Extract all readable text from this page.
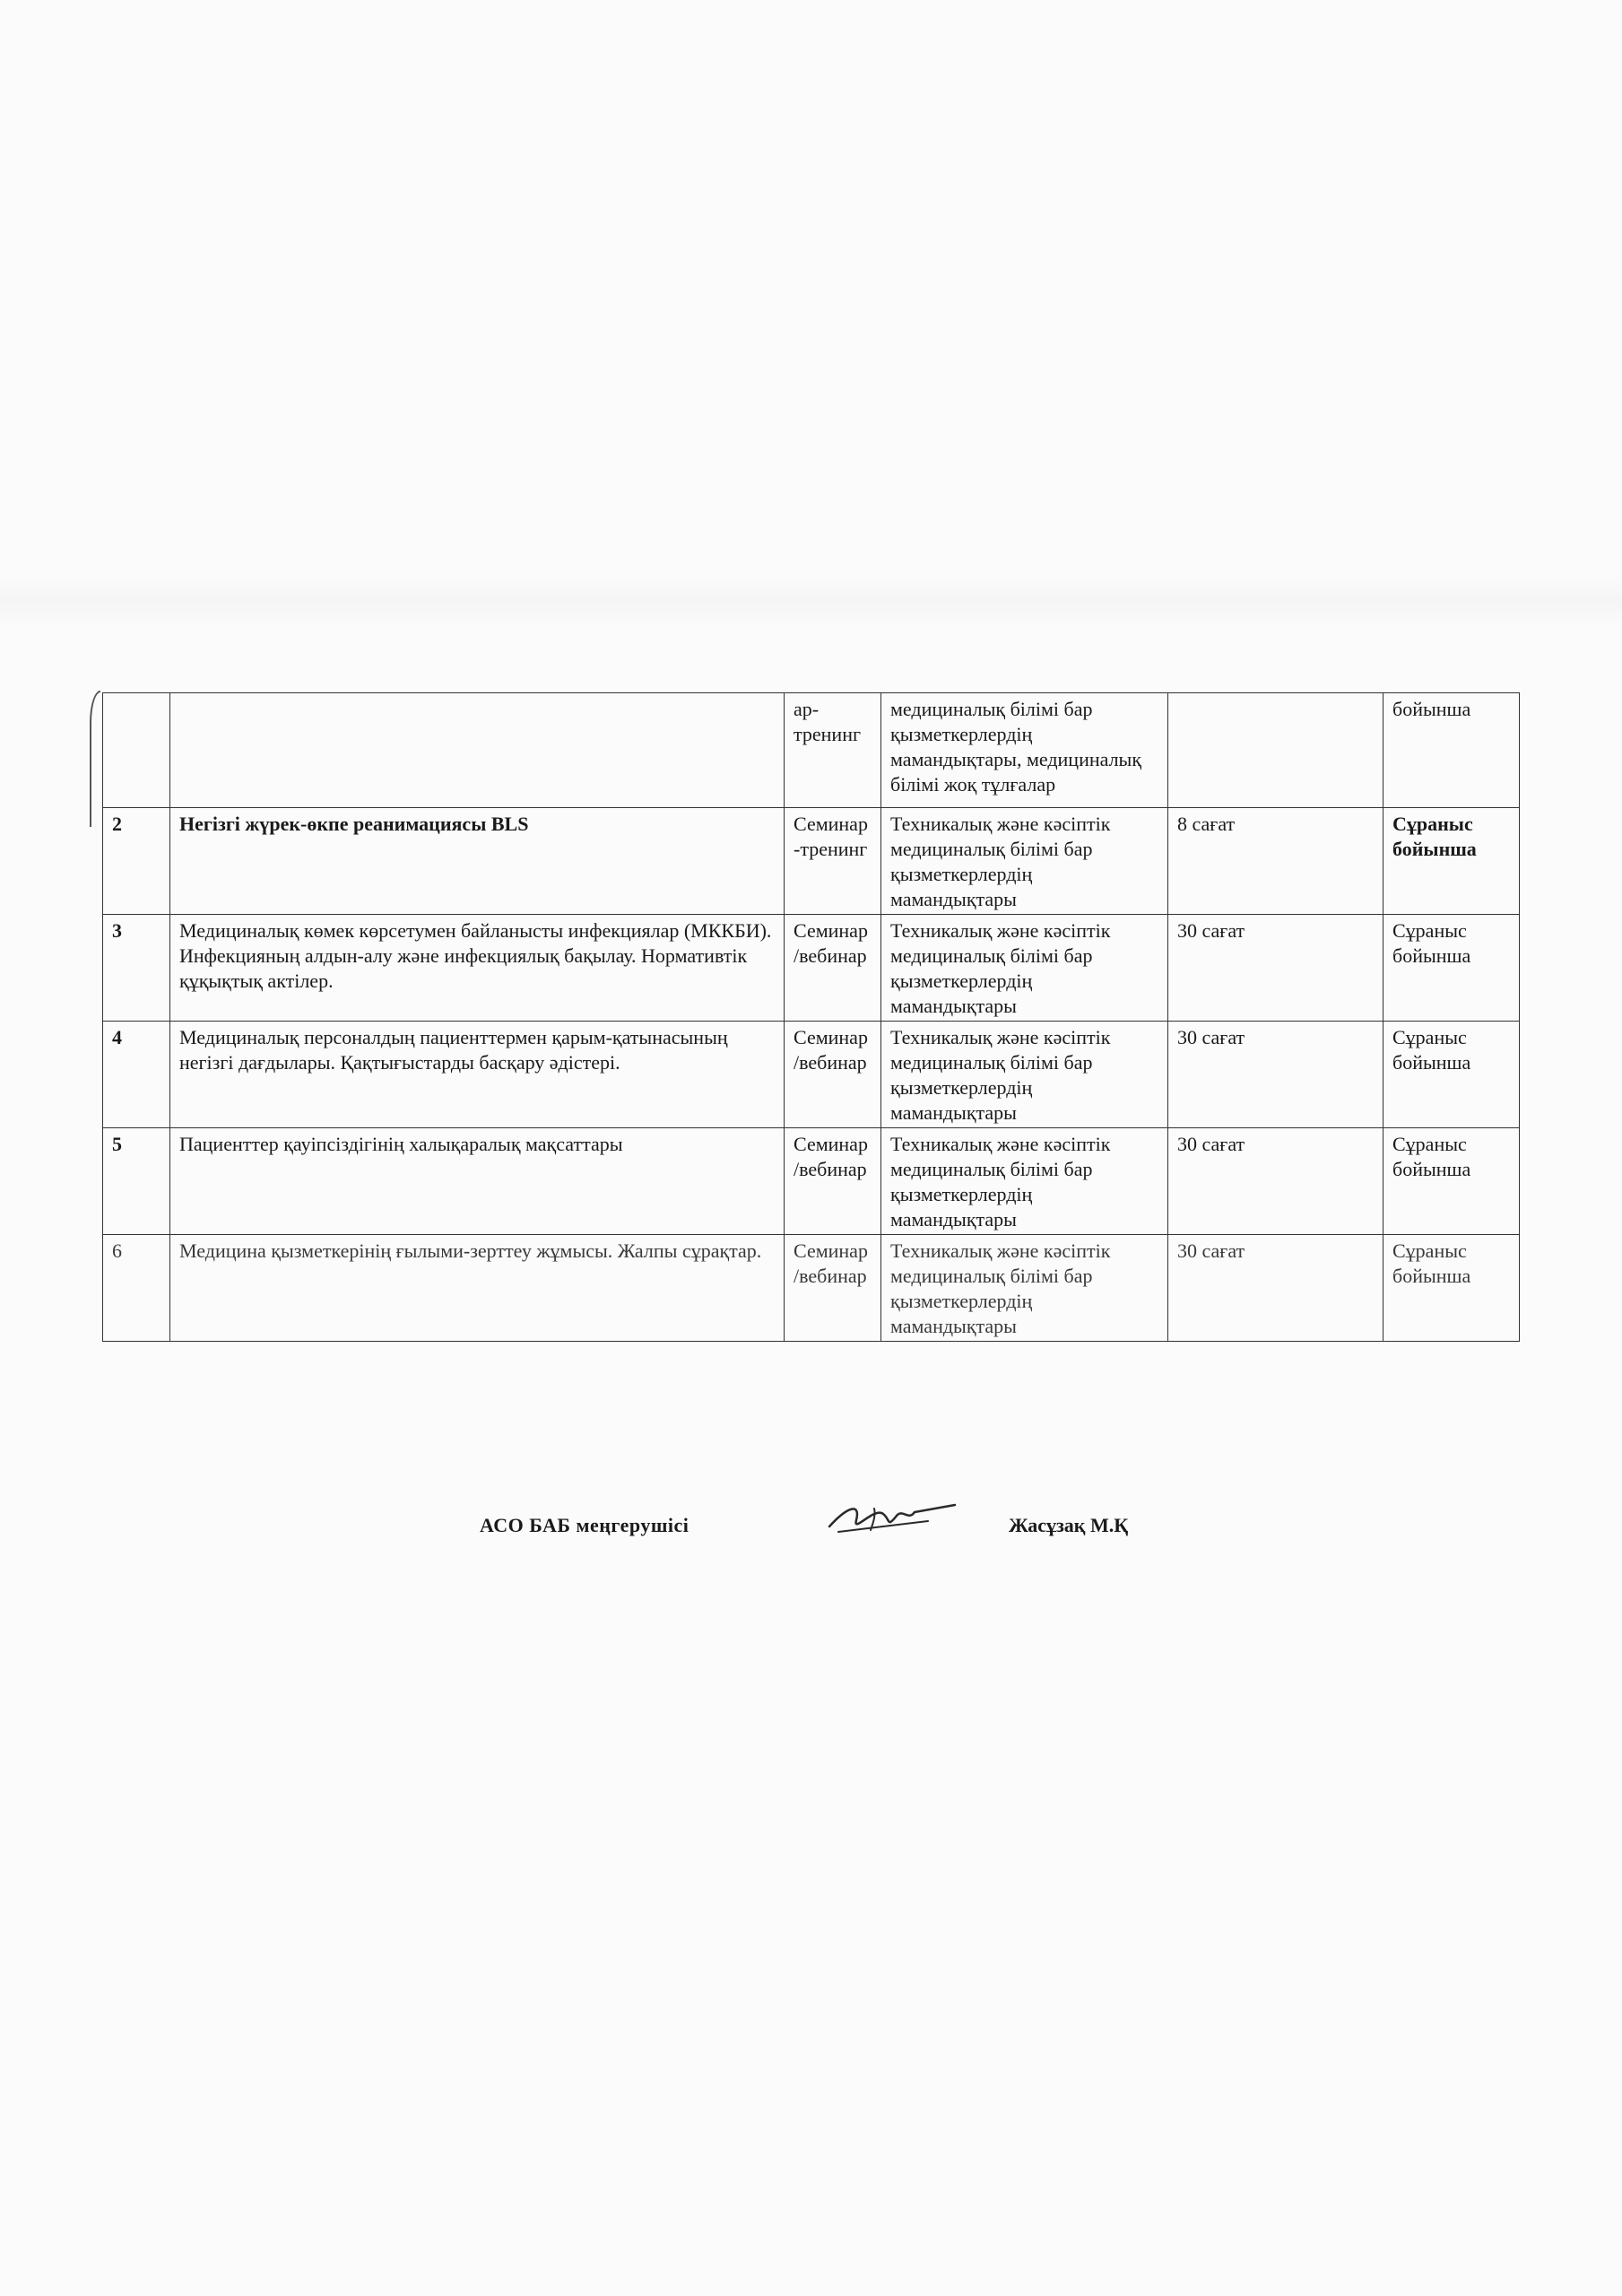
		ар-тренинг	медициналық білімі бар қызметкерлердің мамандықтары, медициналық білімі жоқ тұлғалар		бойынша
2	Негізгі жүрек-өкпе реанимациясы BLS	Семинар-тренинг	Техникалық және кәсіптік медициналық білімі бар қызметкерлердің мамандықтары	8 сағат	Сұраныс бойынша
3	Медициналық көмек көрсетумен байланысты инфекциялар (МККБИ). Инфекцияның алдын-алу және инфекциялық бақылау. Нормативтік құқықтық актілер.	Семинар/вебинар	Техникалық және кәсіптік медициналық білімі бар қызметкерлердің мамандықтары	30 сағат	Сұраныс бойынша
4	Медициналық персоналдың пациенттермен қарым-қатынасының негізгі дағдылары. Қақтығыстарды басқару әдістері.	Семинар/вебинар	Техникалық және кәсіптік медициналық білімі бар қызметкерлердің мамандықтары	30 сағат	Сұраныс бойынша
5	Пациенттер қауіпсіздігінің халықаралық мақсаттары	Семинар/вебинар	Техникалық және кәсіптік медициналық білімі бар қызметкерлердің мамандықтары	30 сағат	Сұраныс бойынша
6	Медицина қызметкерінің ғылыми-зерттеу жұмысы. Жалпы сұрақтар.	Семинар/вебинар	Техникалық және кәсіптік медициналық білімі бар қызметкерлердің мамандықтары	30 сағат	Сұраныс бойынша
АСО БАБ меңгерушісі	Жасұзақ М.Қ
